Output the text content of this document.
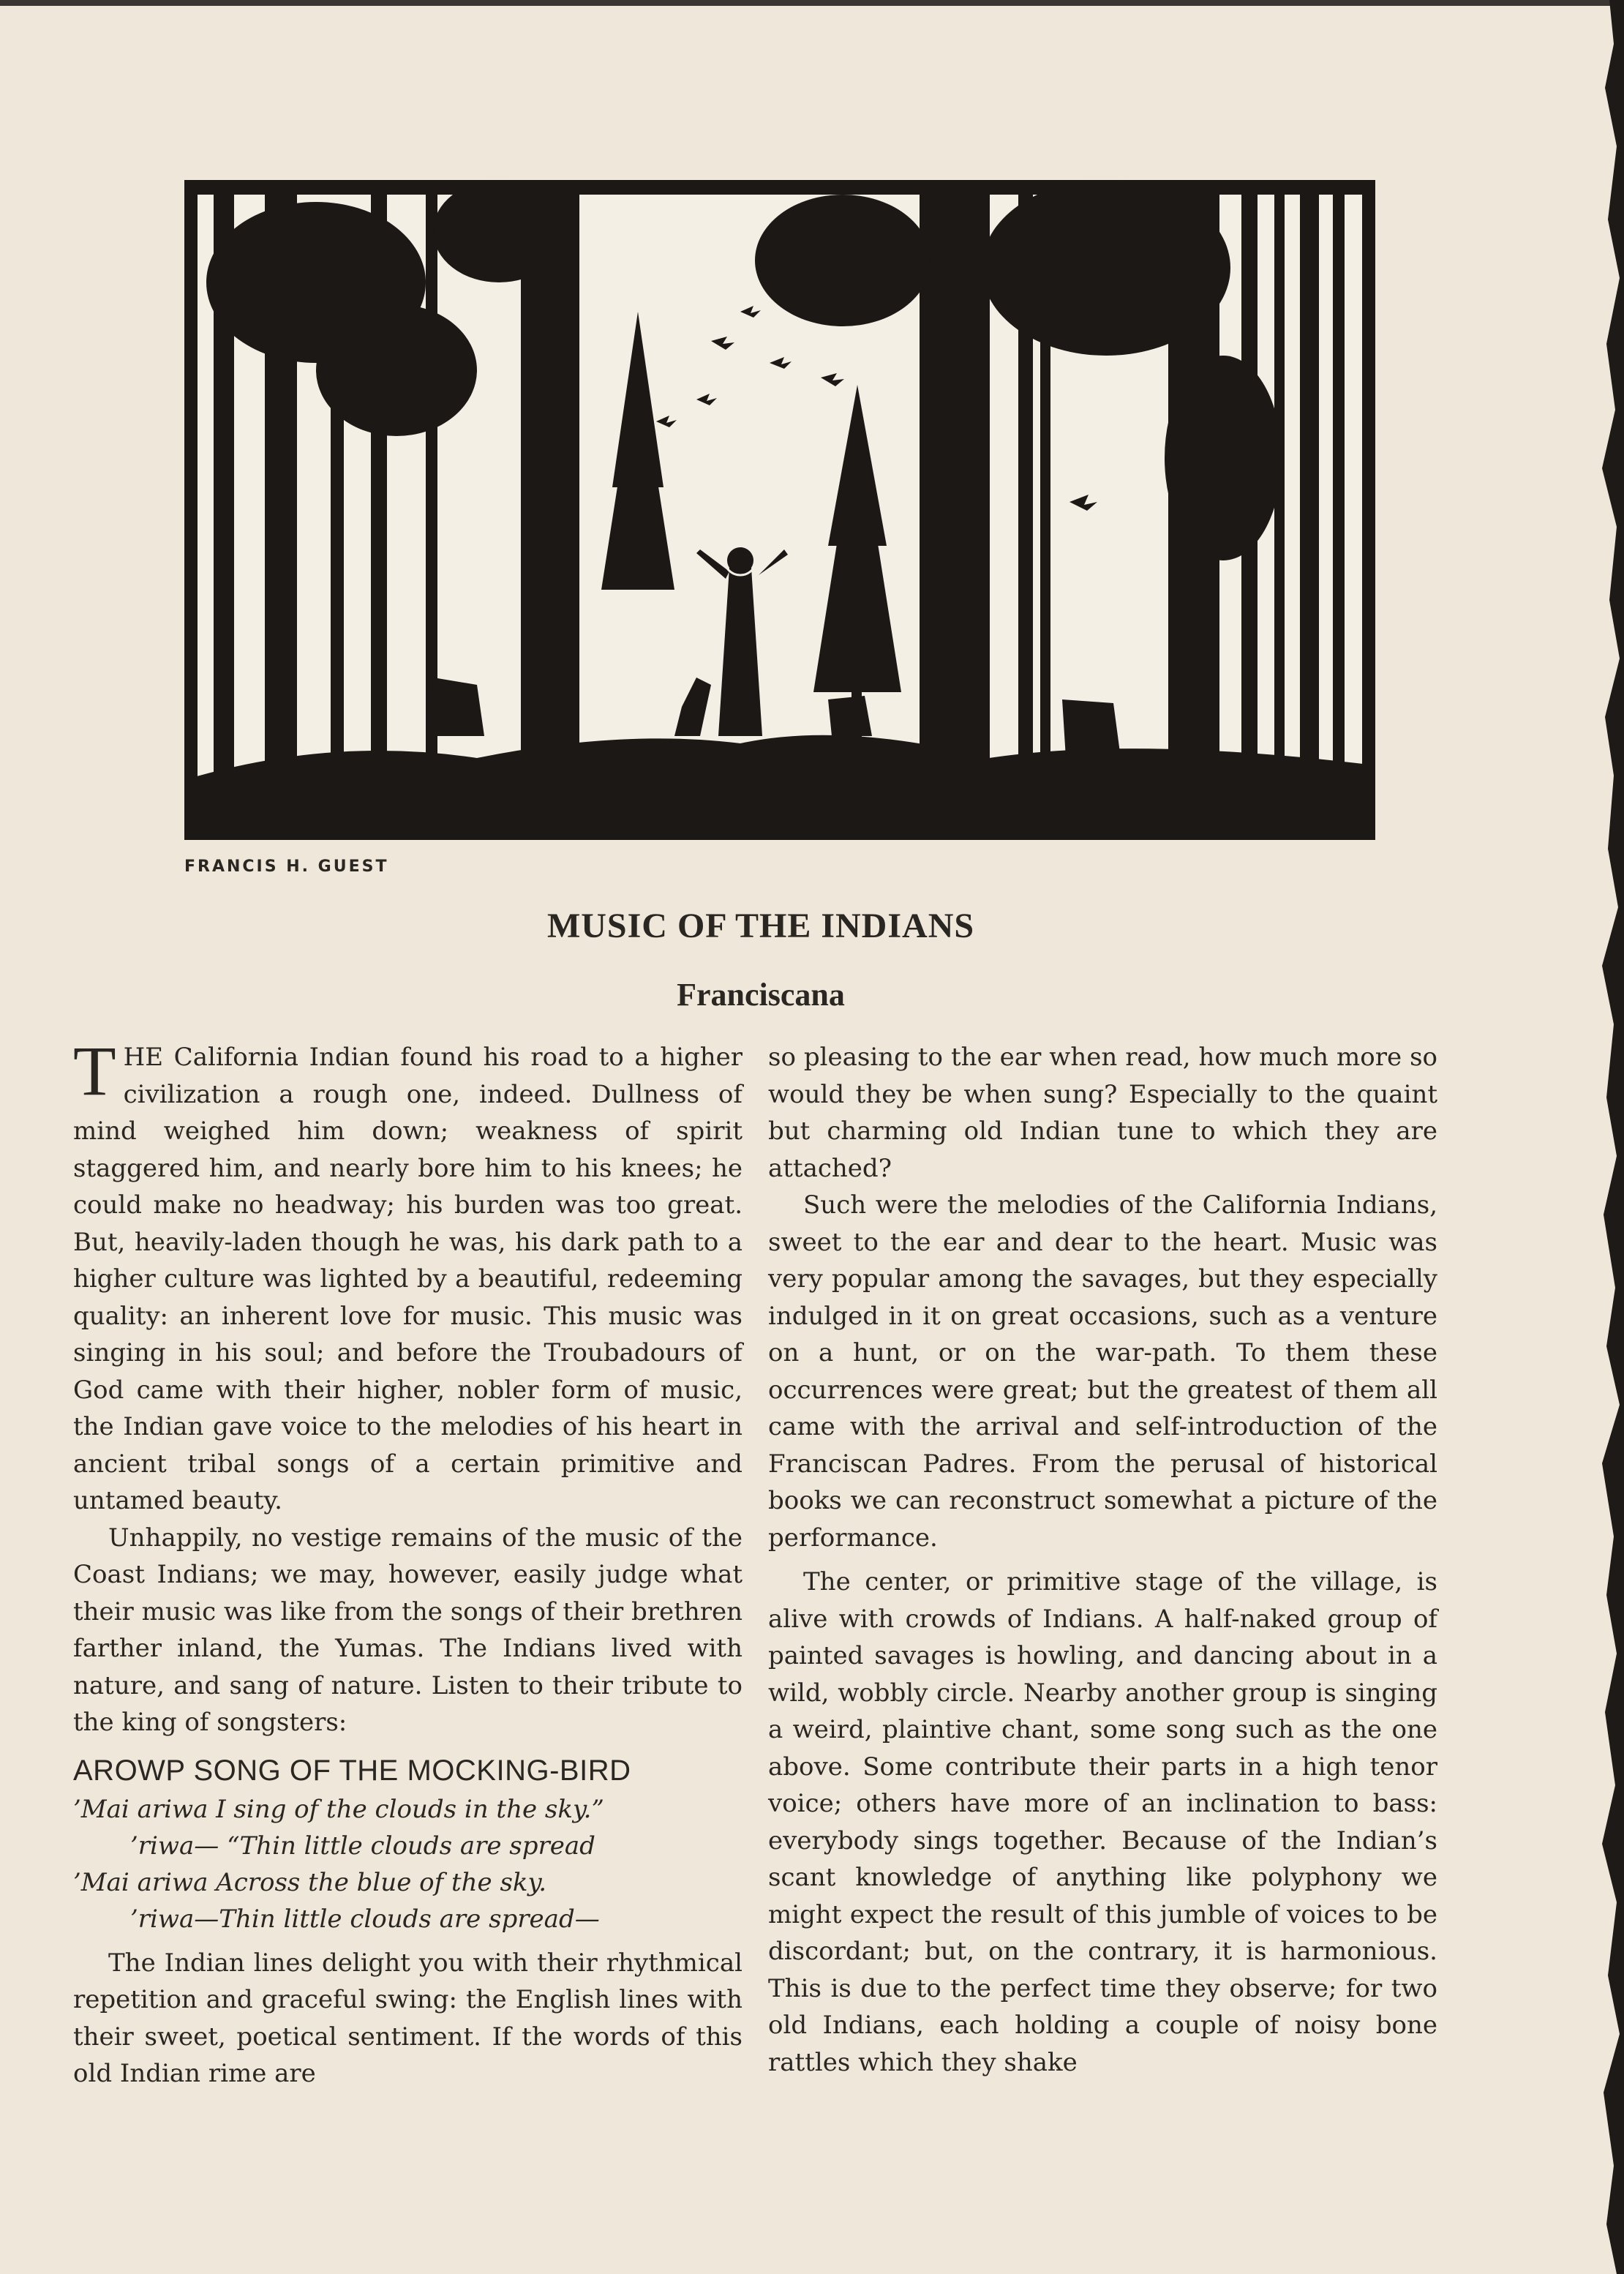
FRANCIS H. GUEST
MUSIC OF THE INDIANS
Franciscana

THE California Indian found his road to a higher civilization a rough one, indeed. Dullness of mind weighed him down; weakness of spirit staggered him, and nearly bore him to his knees; he could make no headway; his burden was too great. But, heavily-laden though he was, his dark path to a higher culture was lighted by a beautiful, redeeming quality: an inherent love for music. This music was singing in his soul; and before the Troubadours of God came with their higher, nobler form of music, the Indian gave voice to the melodies of his heart in ancient tribal songs of a certain primitive and untamed beauty.

Unhappily, no vestige remains of the music of the Coast Indians; we may, however, easily judge what their music was like from the songs of their brethren farther inland, the Yumas. The Indians lived with nature, and sang of nature. Listen to their tribute to the king of songsters:

AROWP SONG OF THE MOCKING-BIRD

’Mai ariwa I sing of the clouds in the sky.”

’riwa— “Thin little clouds are spread

’Mai ariwa Across the blue of the sky.

’riwa—Thin little clouds are spread—

The Indian lines delight you with their rhythmical repetition and graceful swing: the English lines with their sweet, poetical sentiment. If the words of this old Indian rime are

so pleasing to the ear when read, how much more so would they be when sung? Especially to the quaint but charming old Indian tune to which they are attached?

Such were the melodies of the California Indians, sweet to the ear and dear to the heart. Music was very popular among the savages, but they especially indulged in it on great occasions, such as a venture on a hunt, or on the war-path. To them these occurrences were great; but the greatest of them all came with the arrival and self-introduction of the Franciscan Padres. From the perusal of historical books we can reconstruct somewhat a picture of the performance.

The center, or primitive stage of the village, is alive with crowds of Indians. A half-naked group of painted savages is howling, and dancing about in a wild, wobbly circle. Nearby another group is singing a weird, plaintive chant, some song such as the one above. Some contribute their parts in a high tenor voice; others have more of an inclination to bass: everybody sings together. Because of the Indian’s scant knowledge of anything like polyphony we might expect the result of this jumble of voices to be discordant; but, on the contrary, it is harmonious. This is due to the perfect time they observe; for two old Indians, each holding a couple of noisy bone rattles which they shake
